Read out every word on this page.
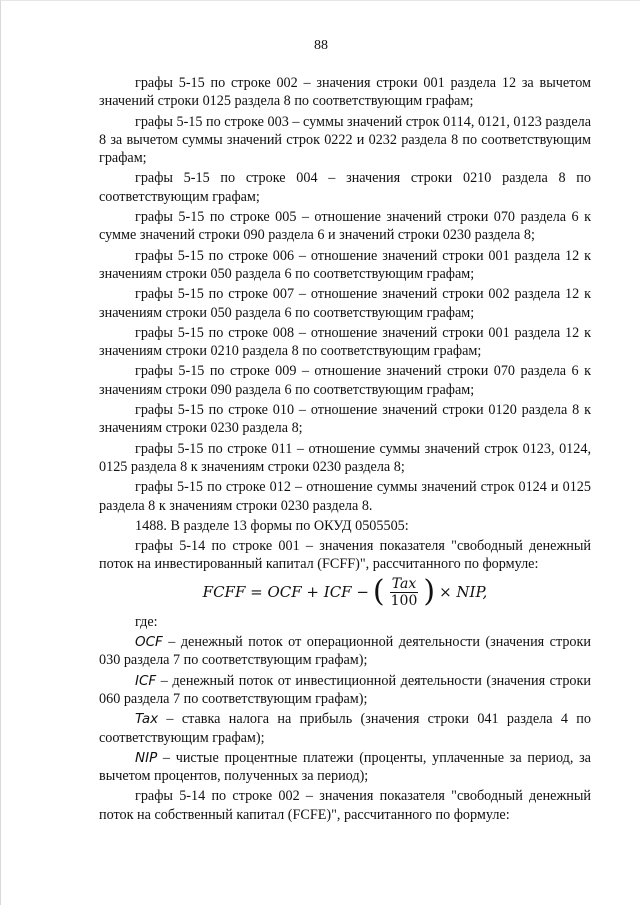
88

графы 5-15 по строке 002 – значения строки 001 раздела 12 за вычетом значений строки 0125 раздела 8 по соответствующим графам;

графы 5-15 по строке 003 – суммы значений строк 0114, 0121, 0123 раздела 8 за вычетом суммы значений строк 0222 и 0232 раздела 8 по соответствующим графам;

графы 5-15 по строке 004 – значения строки 0210 раздела 8 по соответствующим графам;

графы 5-15 по строке 005 – отношение значений строки 070 раздела 6 к сумме значений строки 090 раздела 6 и значений строки 0230 раздела 8;

графы 5-15 по строке 006 – отношение значений строки 001 раздела 12 к значениям строки 050 раздела 6 по соответствующим графам;

графы 5-15 по строке 007 – отношение значений строки 002 раздела 12 к значениям строки 050 раздела 6 по соответствующим графам;

графы 5-15 по строке 008 – отношение значений строки 001 раздела 12 к значениям строки 0210 раздела 8 по соответствующим графам;

графы 5-15 по строке 009 – отношение значений строки 070 раздела 6 к значениям строки 090 раздела 6 по соответствующим графам;

графы 5-15 по строке 010 – отношение значений строки 0120 раздела 8 к значениям строки 0230 раздела 8;

графы 5-15 по строке 011 – отношение суммы значений строк 0123, 0124, 0125 раздела 8 к значениям строки 0230 раздела 8;

графы 5-15 по строке 012 – отношение суммы значений строк 0124 и 0125 раздела 8 к значениям строки 0230 раздела 8.

1488. В разделе 13 формы по ОКУД 0505505:

графы 5-14 по строке 001 – значения показателя "свободный денежный поток на инвестированный капитал (FCFF)", рассчитанного по формуле:

FCFF = OCF + ICF − ( $\frac{\text{Tax}}{100}$ ) × NIP,

где:

OCF – денежный поток от операционной деятельности (значения строки 030 раздела 7 по соответствующим графам);

ICF – денежный поток от инвестиционной деятельности (значения строки 060 раздела 7 по соответствующим графам);

Tax – ставка налога на прибыль (значения строки 041 раздела 4 по соответствующим графам);

NIP – чистые процентные платежи (проценты, уплаченные за период, за вычетом процентов, полученных за период);

графы 5-14 по строке 002 – значения показателя "свободный денежный поток на собственный капитал (FCFE)", рассчитанного по формуле:
